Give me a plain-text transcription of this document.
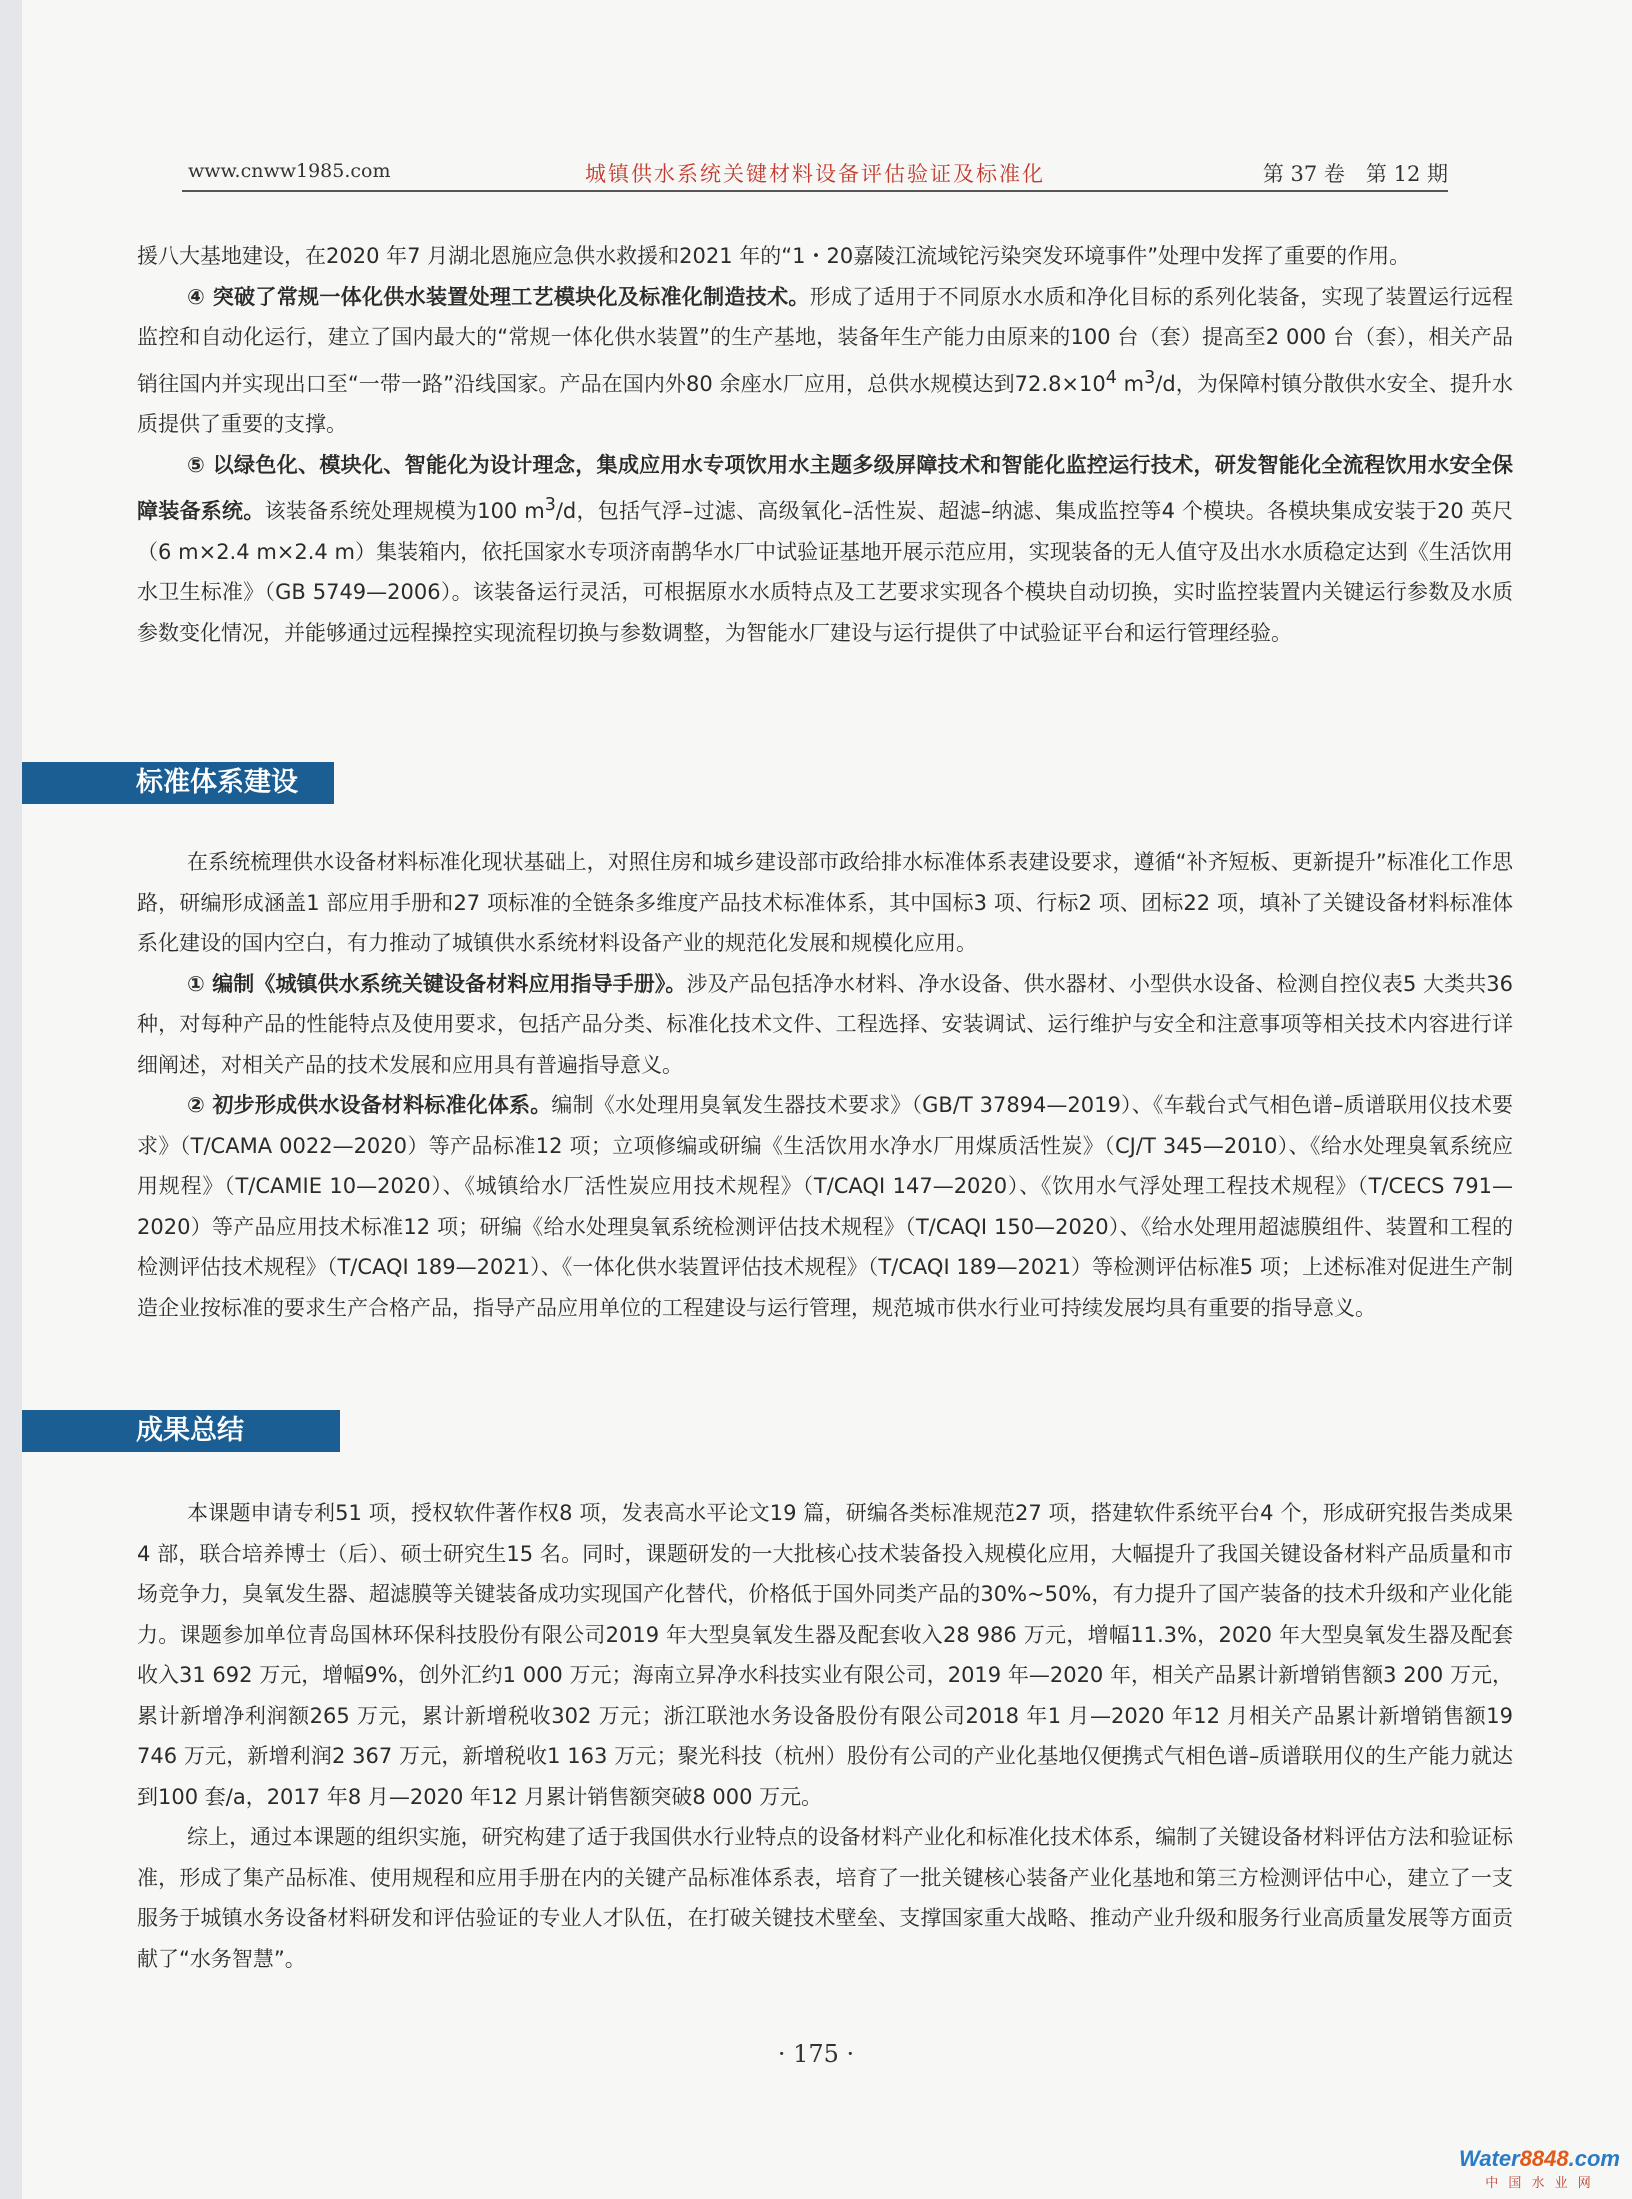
www.cnww1985.com	城镇供水系统关键材料设备评估验证及标准化	第 37 卷　第 12 期

援八大基地建设，在2020 年7 月湖北恩施应急供水救援和2021 年的“1・20嘉陵江流域铊污染突发环境事件”处理中发挥了重要的作用。

④ 突破了常规一体化供水装置处理工艺模块化及标准化制造技术。形成了适用于不同原水水质和净化目标的系列化装备，实现了装置运行远程监控和自动化运行，建立了国内最大的“常规一体化供水装置”的生产基地，装备年生产能力由原来的100 台（套）提高至2 000 台（套），相关产品销往国内并实现出口至“一带一路”沿线国家。产品在国内外80 余座水厂应用，总供水规模达到$72.8\times 10^4$ $m^3/d$，为保障村镇分散供水安全、提升水质提供了重要的支撑。

⑤ 以绿色化、模块化、智能化为设计理念，集成应用水专项饮用水主题多级屏障技术和智能化监控运行技术，研发智能化全流程饮用水安全保障装备系统。该装备系统处理规模为100 $m^3/d$，包括气浮–过滤、高级氧化–活性炭、超滤–纳滤、集成监控等4 个模块。各模块集成安装于20 英尺（6 m×2.4 m×2.4 m）集装箱内，依托国家水专项济南鹊华水厂中试验证基地开展示范应用，实现装备的无人值守及出水水质稳定达到《生活饮用水卫生标准》（GB 5749—2006）。该装备运行灵活，可根据原水水质特点及工艺要求实现各个模块自动切换，实时监控装置内关键运行参数及水质参数变化情况，并能够通过远程操控实现流程切换与参数调整，为智能水厂建设与运行提供了中试验证平台和运行管理经验。

标准体系建设

在系统梳理供水设备材料标准化现状基础上，对照住房和城乡建设部市政给排水标准体系表建设要求，遵循“补齐短板、更新提升”标准化工作思路，研编形成涵盖1 部应用手册和27 项标准的全链条多维度产品技术标准体系，其中国标3 项、行标2 项、团标22 项，填补了关键设备材料标准体系化建设的国内空白，有力推动了城镇供水系统材料设备产业的规范化发展和规模化应用。

① 编制《城镇供水系统关键设备材料应用指导手册》。涉及产品包括净水材料、净水设备、供水器材、小型供水设备、检测自控仪表5 大类共36 种，对每种产品的性能特点及使用要求，包括产品分类、标准化技术文件、工程选择、安装调试、运行维护与安全和注意事项等相关技术内容进行详细阐述，对相关产品的技术发展和应用具有普遍指导意义。

② 初步形成供水设备材料标准化体系。编制《水处理用臭氧发生器技术要求》（GB/T 37894—2019）、《车载台式气相色谱–质谱联用仪技术要求》（T/CAMA 0022—2020）等产品标准12 项；立项修编或研编《生活饮用水净水厂用煤质活性炭》（CJ/T 345—2010）、《给水处理臭氧系统应用规程》（T/CAMIE 10—2020）、《城镇给水厂活性炭应用技术规程》（T/CAQI 147—2020）、《饮用水气浮处理工程技术规程》（T/CECS 791—2020）等产品应用技术标准12 项；研编《给水处理臭氧系统检测评估技术规程》（T/CAQI 150—2020）、《给水处理用超滤膜组件、装置和工程的检测评估技术规程》（T/CAQI 189—2021）、《一体化供水装置评估技术规程》（T/CAQI 189—2021）等检测评估标准5 项；上述标准对促进生产制造企业按标准的要求生产合格产品，指导产品应用单位的工程建设与运行管理，规范城市供水行业可持续发展均具有重要的指导意义。

成果总结

本课题申请专利51 项，授权软件著作权8 项，发表高水平论文19 篇，研编各类标准规范27 项，搭建软件系统平台4 个，形成研究报告类成果4 部，联合培养博士（后）、硕士研究生15 名。同时，课题研发的一大批核心技术装备投入规模化应用，大幅提升了我国关键设备材料产品质量和市场竞争力，臭氧发生器、超滤膜等关键装备成功实现国产化替代，价格低于国外同类产品的30%~50%，有力提升了国产装备的技术升级和产业化能力。课题参加单位青岛国林环保科技股份有限公司2019 年大型臭氧发生器及配套收入28 986 万元，增幅11.3%，2020 年大型臭氧发生器及配套收入31 692 万元，增幅9%，创外汇约1 000 万元；海南立昇净水科技实业有限公司，2019 年—2020 年，相关产品累计新增销售额3 200 万元，累计新增净利润额265 万元，累计新增税收302 万元；浙江联池水务设备股份有限公司2018 年1 月—2020 年12 月相关产品累计新增销售额19 746 万元，新增利润2 367 万元，新增税收1 163 万元；聚光科技（杭州）股份有公司的产业化基地仅便携式气相色谱–质谱联用仪的生产能力就达到100 套/a，2017 年8 月—2020 年12 月累计销售额突破8 000 万元。

综上，通过本课题的组织实施，研究构建了适于我国供水行业特点的设备材料产业化和标准化技术体系，编制了关键设备材料评估方法和验证标准，形成了集产品标准、使用规程和应用手册在内的关键产品标准体系表，培育了一批关键核心装备产业化基地和第三方检测评估中心，建立了一支服务于城镇水务设备材料研发和评估验证的专业人才队伍，在打破关键技术壁垒、支撑国家重大战略、推动产业升级和服务行业高质量发展等方面贡献了“水务智慧”。

· 175 ·
Water8848.com
中 国 水 业 网
